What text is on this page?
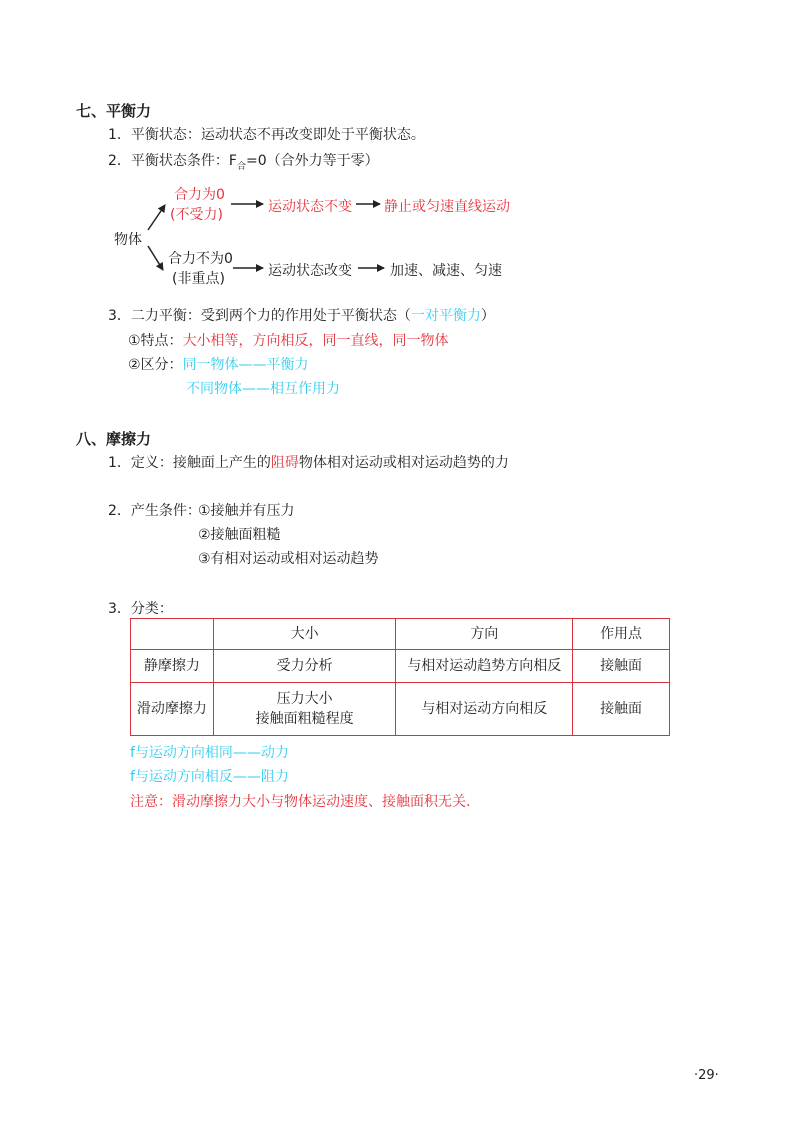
七、平衡力
1．平衡状态：运动状态不再改变即处于平衡状态。
2．平衡状态条件：$F_合=0$（合外力等于零）
物体
合力为0
(不受力)	运动状态不变 静止或匀速直线运动
合力不为0
(非重点)	运动状态改变	加速、减速、匀速
3．二力平衡：受到两个力的作用处于平衡状态（一对平衡力）
①特点：大小相等，方向相反，同一直线，同一物体
②区分：同一物体——平衡力
不同物体——相互作用力
八、摩擦力
1．定义：接触面上产生的阻碍物体相对运动或相对运动趋势的力
2．产生条件：
①接触并有压力
②接触面粗糙
③有相对运动或相对运动趋势
3．分类：
	大小	方向	作用点
静摩擦力	受力分析	与相对运动趋势方向相反	接触面
滑动摩擦力	压力大小
接触面粗糙程度	与相对运动方向相反	接触面
f与运动方向相同——动力
f与运动方向相反——阻力
注意：滑动摩擦力大小与物体运动速度、接触面积无关.
·29·
